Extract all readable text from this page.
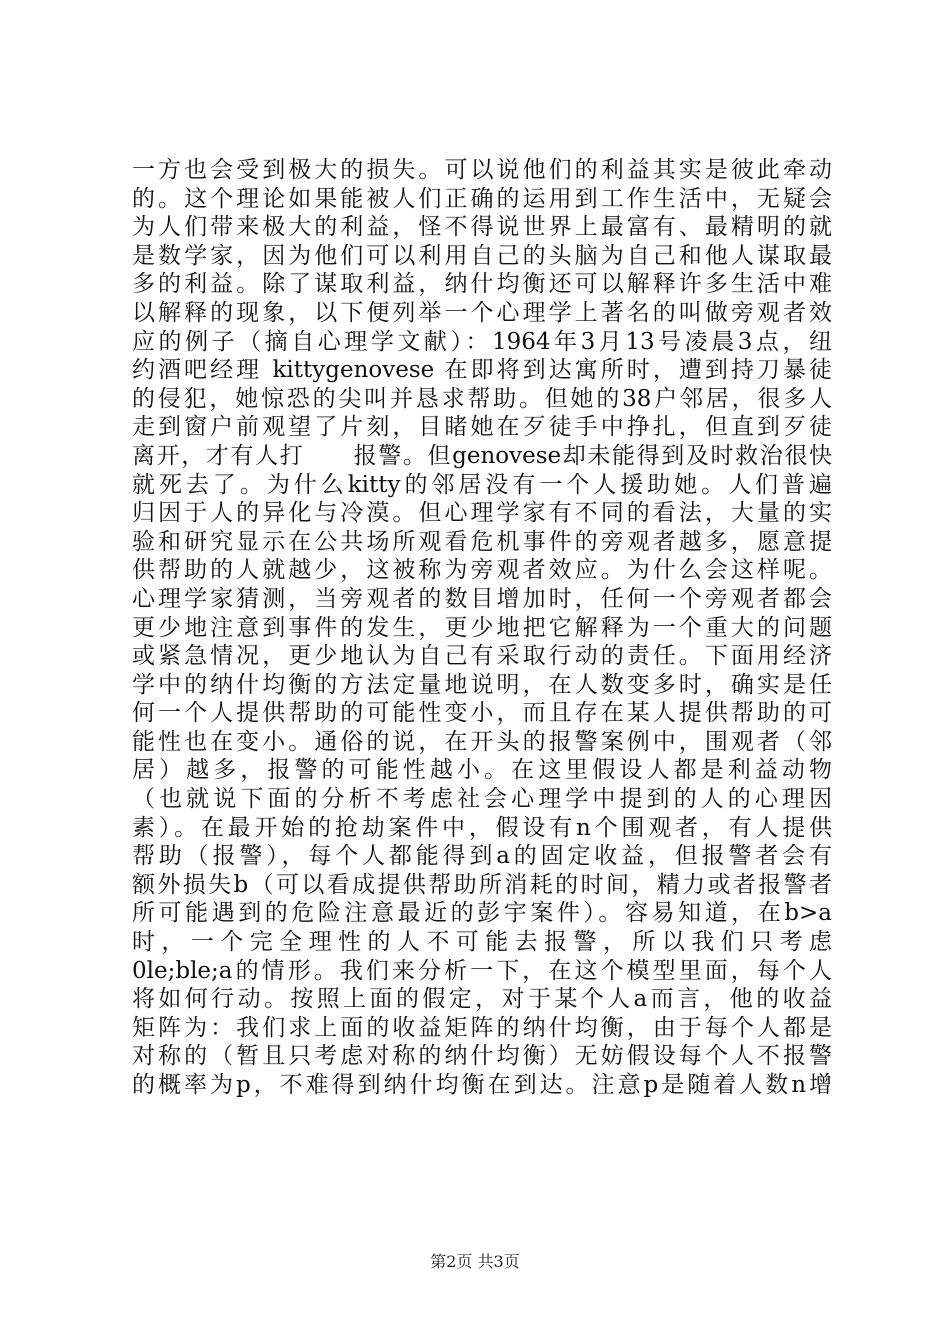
一方也会受到极大的损失。可以说他们的利益其实是彼此牵动
的。这个理论如果能被人们正确的运用到工作生活中，无疑会
为人们带来极大的利益，怪不得说世界上最富有、最精明的就
是数学家，因为他们可以利用自己的头脑为自己和他人谋取最
多的利益。除了谋取利益，纳什均衡还可以解释许多生活中难
以解释的现象，以下便列举一个心理学上著名的叫做旁观者效
应的例子（摘自心理学文献）：1964年3月13号凌晨3点，纽
约酒吧经理 kittygenovese 在即将到达寓所时，遭到持刀暴徒
的侵犯，她惊恐的尖叫并恳求帮助。但她的38户邻居，很多人
走到窗户前观望了片刻，目睹她在歹徒手中挣扎，但直到歹徒
离开，才有人打　　报警。但genovese却未能得到及时救治很快
就死去了。为什么kitty的邻居没有一个人援助她。人们普遍
归因于人的异化与冷漠。但心理学家有不同的看法，大量的实
验和研究显示在公共场所观看危机事件的旁观者越多，愿意提
供帮助的人就越少，这被称为旁观者效应。为什么会这样呢。
心理学家猜测，当旁观者的数目增加时，任何一个旁观者都会
更少地注意到事件的发生，更少地把它解释为一个重大的问题
或紧急情况，更少地认为自己有采取行动的责任。下面用经济
学中的纳什均衡的方法定量地说明，在人数变多时，确实是任
何一个人提供帮助的可能性变小，而且存在某人提供帮助的可
能性也在变小。通俗的说，在开头的报警案例中，围观者（邻
居）越多，报警的可能性越小。在这里假设人都是利益动物
（也就说下面的分析不考虑社会心理学中提到的人的心理因
素）。在最开始的抢劫案件中，假设有n个围观者，有人提供
帮助（报警），每个人都能得到a的固定收益，但报警者会有
额外损失b（可以看成提供帮助所消耗的时间，精力或者报警者
所可能遇到的危险注意最近的彭宇案件）。容易知道，在b>a
时，一个完全理性的人不可能去报警，所以我们只考虑
0le;ble;a的情形。我们来分析一下，在这个模型里面，每个人
将如何行动。按照上面的假定，对于某个人a而言，他的收益
矩阵为：我们求上面的收益矩阵的纳什均衡，由于每个人都是
对称的（暂且只考虑对称的纳什均衡）无妨假设每个人不报警
的概率为p，不难得到纳什均衡在到达。注意p是随着人数n增
第2页 共3页
